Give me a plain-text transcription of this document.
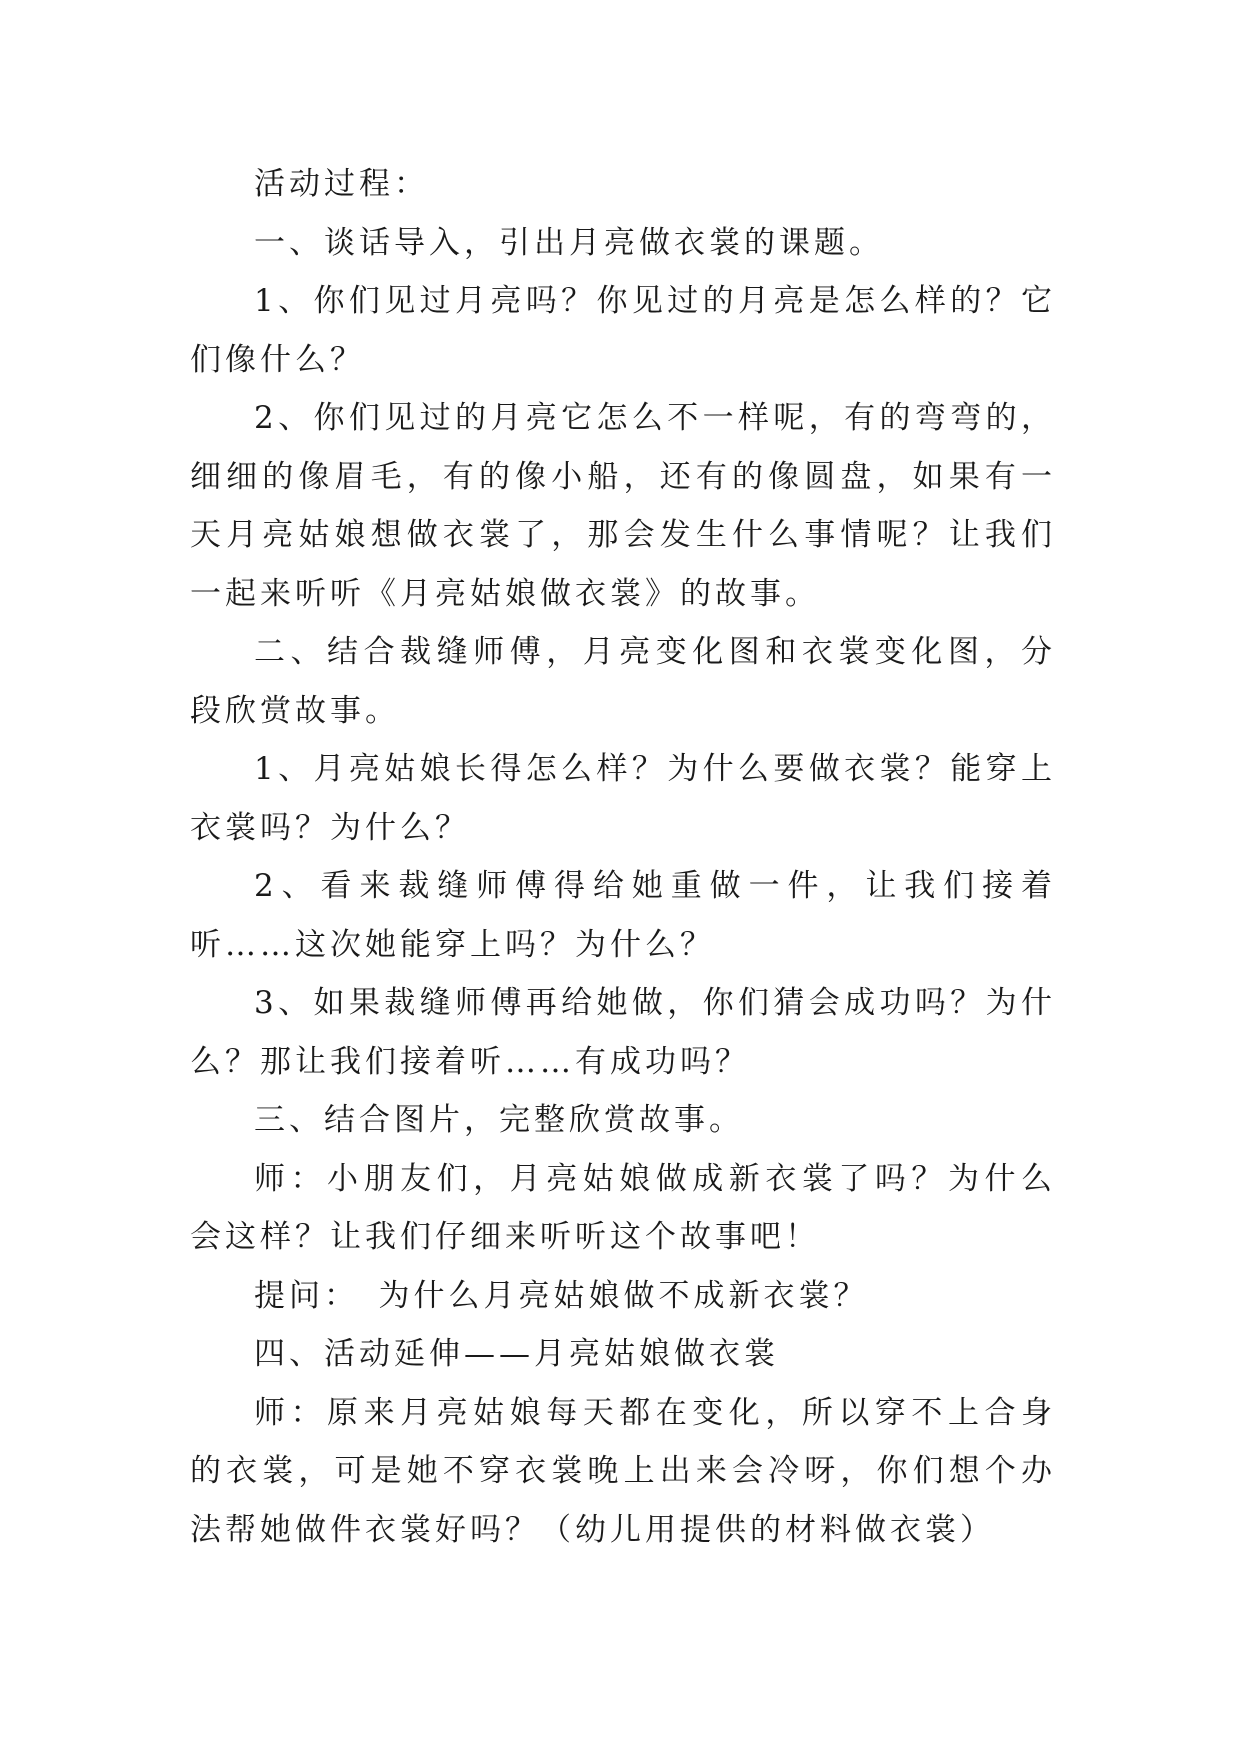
活动过程：

一、谈话导入，引出月亮做衣裳的课题。

1、你们见过月亮吗？你见过的月亮是怎么样的？它们像什么？

2、你们见过的月亮它怎么不一样呢，有的弯弯的，细细的像眉毛，有的像小船，还有的像圆盘，如果有一天月亮姑娘想做衣裳了，那会发生什么事情呢？让我们一起来听听《月亮姑娘做衣裳》的故事。

二、结合裁缝师傅，月亮变化图和衣裳变化图，分段欣赏故事。

1、月亮姑娘长得怎么样？为什么要做衣裳？能穿上衣裳吗？为什么？

2、看来裁缝师傅得给她重做一件，让我们接着听……这次她能穿上吗？为什么？

3、如果裁缝师傅再给她做，你们猜会成功吗？为什么？那让我们接着听……有成功吗？

三、结合图片，完整欣赏故事。

师：小朋友们，月亮姑娘做成新衣裳了吗？为什么会这样？让我们仔细来听听这个故事吧！

提问：　为什么月亮姑娘做不成新衣裳？

四、活动延伸——月亮姑娘做衣裳

师：原来月亮姑娘每天都在变化，所以穿不上合身的衣裳，可是她不穿衣裳晚上出来会冷呀，你们想个办法帮她做件衣裳好吗？（幼儿用提供的材料做衣裳）
